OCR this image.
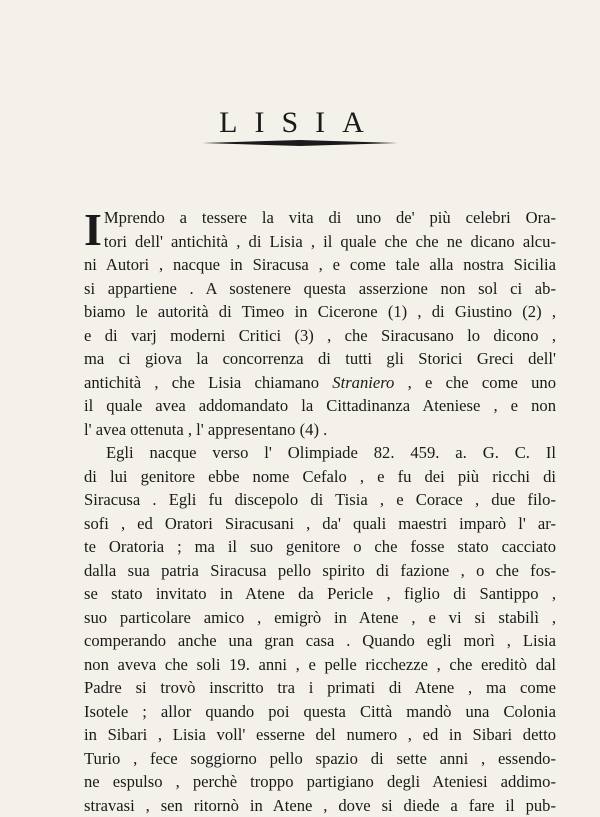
LISIA
I Mprendo a tessere la vita di uno de' più celebri Ora-
tori dell' antichità , di Lisia , il quale che che ne dicano alcu-
ni Autori , nacque in Siracusa , e come tale alla nostra Sicilia
si appartiene . A sostenere questa asserzione non sol ci ab-
biamo le autorità di Timeo in Cicerone (1) , di Giustino (2) ,
e di varj moderni Critici (3) , che Siracusano lo dicono ,
ma ci giova la concorrenza di tutti gli Storici Greci dell'
antichità , che Lisia chiamano Straniero , e che come uno
il quale avea addomandato la Cittadinanza Ateniese , e non
l' avea ottenuta , l' appresentano (4) .
Egli nacque verso l' Olimpiade 82. 459. a. G. C. Il
di lui genitore ebbe nome Cefalo , e fu dei più ricchi di
Siracusa . Egli fu discepolo di Tisia , e Corace , due filo-
sofi , ed Oratori Siracusani , da' quali maestri imparò l' ar-
te Oratoria ; ma il suo genitore o che fosse stato cacciato
dalla sua patria Siracusa pello spirito di fazione , o che fos-
se stato invitato in Atene da Pericle , figlio di Santippo ,
suo particolare amico , emigrò in Atene , e vi si stabilì ,
comperando anche una gran casa . Quando egli morì , Lisia
non aveva che soli 19. anni , e pelle ricchezze , che ereditò dal
Padre si trovò inscritto tra i primati di Atene , ma come
Isotele ; allor quando poi questa Città mandò una Colonia
in Sibari , Lisia voll' esserne del numero , ed in Sibari detto
Turio , fece soggiorno pello spazio di sette anni , essendo-
ne espulso , perchè troppo partigiano degli Ateniesi addimo-
stravasi , sen ritornò in Atene , dove si diede a fare il pub-
